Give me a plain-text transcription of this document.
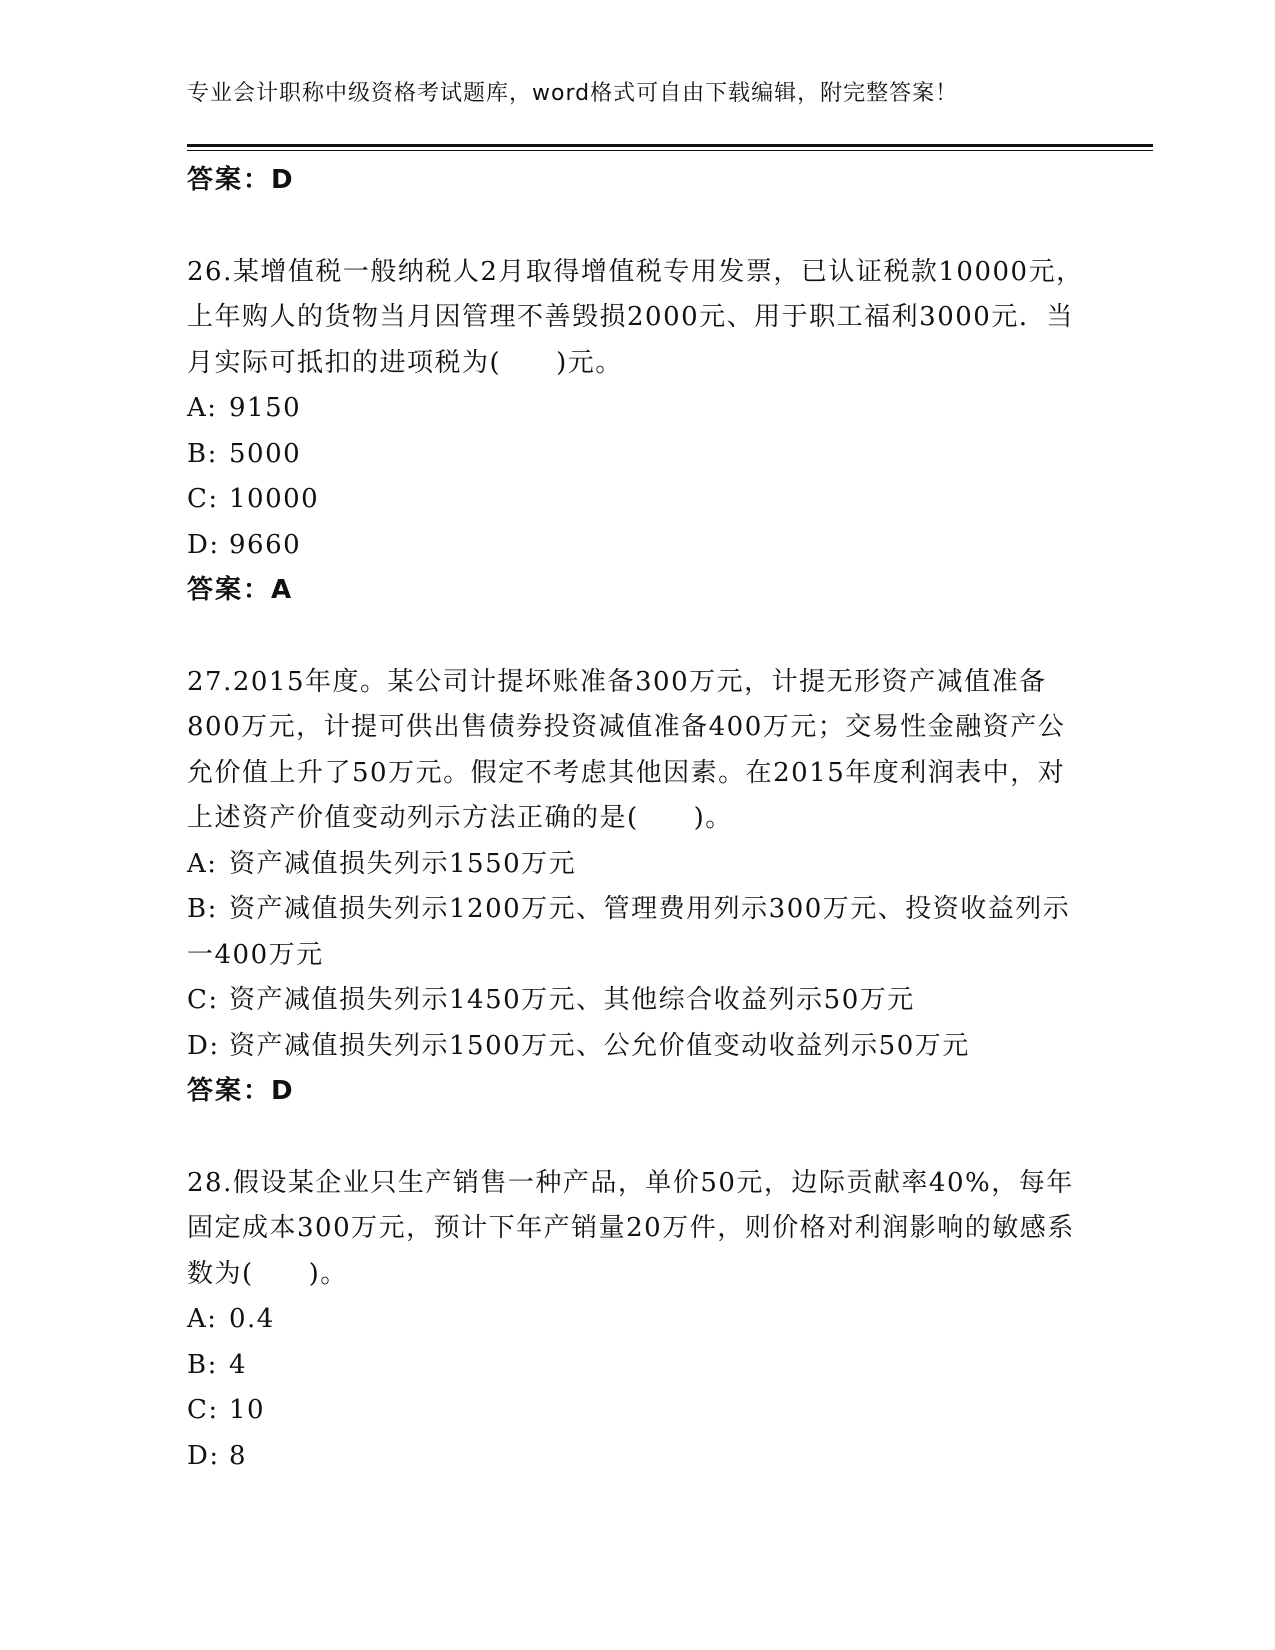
专业会计职称中级资格考试题库，word格式可自由下载编辑，附完整答案！
答案：D
26.某增值税一般纳税人2月取得增值税专用发票，已认证税款10000元，上年购人的货物当月因管理不善毁损2000元、用于职工福利3000元．当月实际可抵扣的进项税为(　　)元。
A: 9150
B: 5000
C: 10000
D: 9660
答案：A
27.2015年度。某公司计提坏账准备300万元，计提无形资产减值准备800万元，计提可供出售债券投资减值准备400万元；交易性金融资产公允价值上升了50万元。假定不考虑其他因素。在2015年度利润表中，对上述资产价值变动列示方法正确的是(　　)。
A: 资产减值损失列示1550万元
B: 资产减值损失列示1200万元、管理费用列示300万元、投资收益列示一400万元
C: 资产减值损失列示1450万元、其他综合收益列示50万元
D: 资产减值损失列示1500万元、公允价值变动收益列示50万元
答案：D
28.假设某企业只生产销售一种产品，单价50元，边际贡献率40%，每年固定成本300万元，预计下年产销量20万件，则价格对利润影响的敏感系数为(　　)。
A: 0.4
B: 4
C: 10
D: 8
